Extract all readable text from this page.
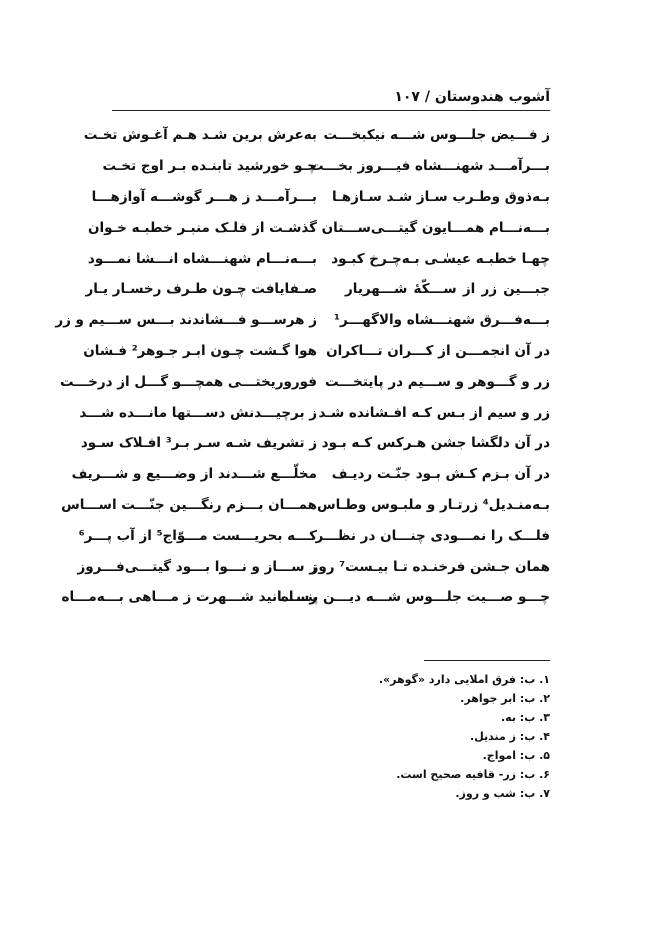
آشوب هندوستان / ۱۰۷
ز فـــیض جلـــوس شـــه نیکبخـــت
به‌عرش برین شـد هـم آغـوش تخـت
بـــرآمـــد شهنـــشاه فیـــروز بخـــت
چـو خورشید تابنـده بـر اوج تخـت
بـه‌ذوق وطـرب سـاز شـد سـازهـا
بـــرآمـــد ز هـــر گوشـــه آوازهـــا
بـــه‌نـــام همـــایون گیتـــی‌ســـتان
گذشـت از فلـک منبـر خطبـه خـوان
چهـا خطبـه عیسٰـی بـه‌چـرخ کبـود
بـــه‌نـــام شهنـــشاه انـــشا نمـــود
جبـــین زر از ســـکّهٔ شـــهریار
صـفایافت چـون طـرف رخسـار یـار
بـــه‌فـــرق شهنـــشاه والاگهـــر¹
ز هرســـو فـــشاندند بـــس ســـیم و زر
در آن انجمـــن از کـــران تـــاکران
هوا گـشت چـون ابـر جـوهر² فـشان
زر و گـــوهر و ســـیم در پایتخـــت
فوروریختـــی همچـــو گـــل از درخـــت
زر و سیم از بـس کـه افـشانده شـد
ز برچیـــدنش دســـتها مانـــده شـــد
در آن دلگشا جشن هـرکس کـه بـود
ز تشریف شـه سـر بـر³ افـلاک سـود
در آن بـزم کـش بـود جنّـت ردیـف
مخلّـــع شـــدند از وضـــیع و شـــریف
بـه‌منـدیل⁴ زرتـار و ملبـوس وطـاس
همـــان بـــزم رنگـــین جنّـــت اســـاس
فلـــک را نمـــودی چنـــان در نظـــر
کـــه بحریـــست مـــوّاج⁵ از آب پـــر⁶
همان جـشن فرخنـده تـا بیـست⁷ روز
ز ســـاز و نـــوا بـــود گیتـــی‌فـــروز
چـــو صـــیت جلـــوس شـــه دیـــن پنـــاه
رســـانید شـــهرت ز مـــاهی بـــه‌مـــاه
۱. ب: فرق املایی دارد «گوهر».
۲. ب: ابر جواهر.
۳. ب: به.
۴. ب: ز مندیل.
۵. ب: امواج.
۶. ب: زر- قافیه صحیح است.
۷. ب: شب و روز.
